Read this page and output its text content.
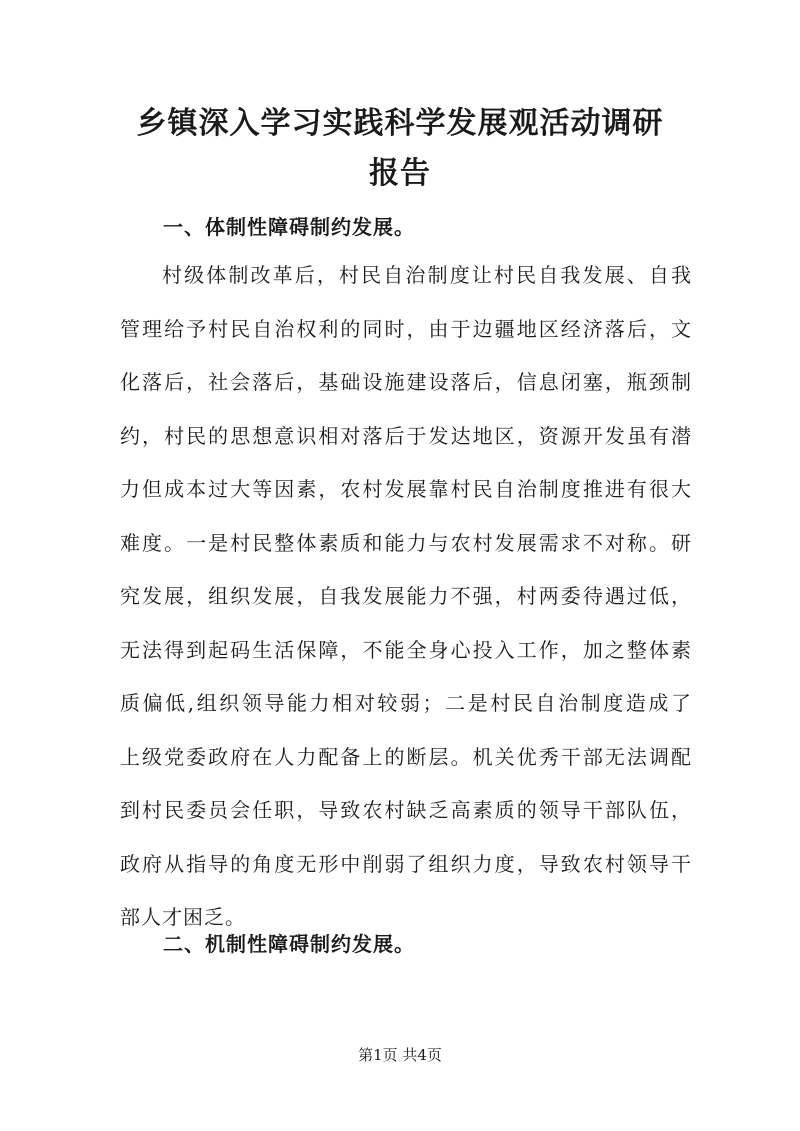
乡镇深入学习实践科学发展观活动调研
报告
一、体制性障碍制约发展。
村级体制改革后，村民自治制度让村民自我发展、自我
管理给予村民自治权利的同时，由于边疆地区经济落后，文
化落后，社会落后，基础设施建设落后，信息闭塞，瓶颈制
约，村民的思想意识相对落后于发达地区，资源开发虽有潜
力但成本过大等因素，农村发展靠村民自治制度推进有很大
难度。一是村民整体素质和能力与农村发展需求不对称。研
究发展，组织发展，自我发展能力不强，村两委待遇过低，
无法得到起码生活保障，不能全身心投入工作，加之整体素
质偏低,组织领导能力相对较弱；二是村民自治制度造成了
上级党委政府在人力配备上的断层。机关优秀干部无法调配
到村民委员会任职，导致农村缺乏高素质的领导干部队伍，
政府从指导的角度无形中削弱了组织力度，导致农村领导干
部人才困乏。
二、机制性障碍制约发展。
第1页 共4页
